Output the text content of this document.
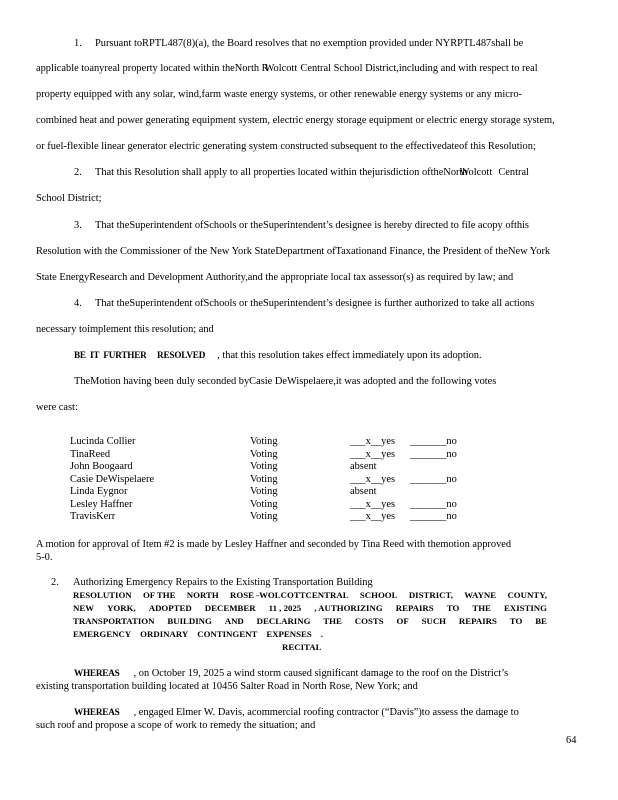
1. Pursuant toRPTL487(8)(a), the Board resolves that no exemption provided under NYRPTL487shall be
applicable toanyreal property located within theNorth R
Wolcott Central School District,including and with respect to real
property equipped with any solar, wind,farm waste energy systems, or other renewable energy systems or any micro-
combined heat and power generating equipment system, electric energy storage equipment or electric energy storage system,
or fuel-flexible linear generator electric generating system constructed subsequent to the effectivedateof this Resolution;
2. That this Resolution shall apply to all properties located within thejurisdiction oftheNorth
Wolcott Central
School District;
3. That theSuperintendent ofSchools or theSuperintendent’s designee is hereby directed to file acopy ofthis
Resolution with the Commissioner of the New York StateDepartment ofTaxationand Finance, the President of theNew York
State EnergyResearch and Development Authority,and the appropriate local tax assessor(s) as required by law; and
4. That theSuperintendent ofSchools or theSuperintendent’s designee is further authorized to take all actions
necessary toimplement this resolution; and
BE  IT  FURTHER     RESOLVED , that this resolution takes effect immediately upon its adoption.
TheMotion having been duly seconded byCasie DeWispelaere,it was adopted and the following votes
were cast:
Lucinda Collier	Voting	___x__yes _______no
TinaReed	Voting	___x__yes _______no
John Boogaard	Voting	absent
Casie DeWispelaere	Voting	___x__yes _______no
Linda Eygnor	Voting	absent
Lesley Haffner	Voting	___x__yes _______no
TravisKerr	Voting	___x__yes _______no
A motion for approval of Item #2 is made by Lesley Haffner and seconded by Tina Reed with themotion approved
5-0.
2. Authorizing Emergency Repairs to the Existing Transportation Building
RESOLUTION OF THE NORTH ROSE -WOLCOTTCENTRAL SCHOOL DISTRICT, WAYNE COUNTY,
NEW YORK, ADOPTED DECEMBER 11 , 2025 , AUTHORIZING REPAIRS TO THE EXISTING
TRANSPORTATION BUILDING AND DECLARING THE COSTS OF SUCH REPAIRS TO BE
EMERGENCY ORDINARY CONTINGENT EXPENSES .
RECITAL
WHEREAS , on October 19, 2025 a wind storm caused significant damage to the roof on the District’s
existing transportation building located at 10456 Salter Road in North Rose, New York; and
WHEREAS , engaged Elmer W. Davis, acommercial roofing contractor (“Davis”)to assess the damage to
such roof and propose a scope of work to remedy the situation; and
64
